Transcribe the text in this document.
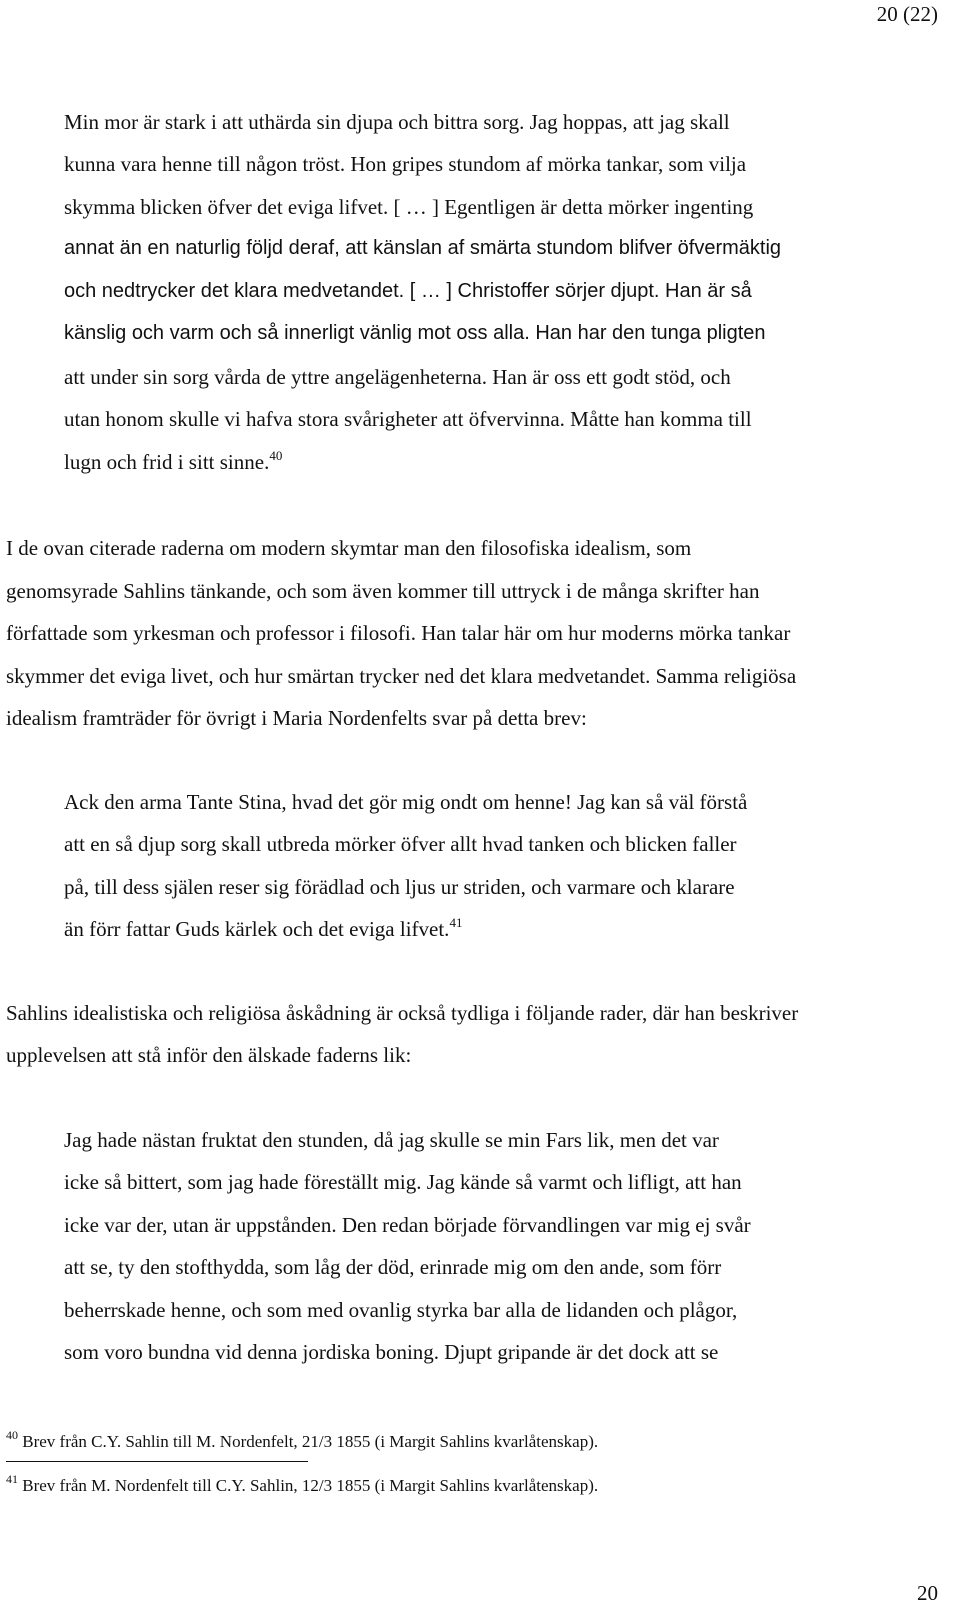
20 (22)

Min mor är stark i att uthärda sin djupa och bittra sorg. Jag hoppas, att jag skall

kunna vara henne till någon tröst. Hon gripes stundom af mörka tankar, som vilja

skymma blicken öfver det eviga lifvet. [ … ] Egentligen är detta mörker ingenting

annat än en naturlig följd deraf, att känslan af smärta stundom blifver öfvermäktig

och nedtrycker det klara medvetandet. [ … ] Christoffer sörjer djupt. Han är så

känslig och varm och så innerligt vänlig mot oss alla. Han har den tunga pligten

att under sin sorg vårda de yttre angelägenheterna. Han är oss ett godt stöd, och

utan honom skulle vi hafva stora svårigheter att öfvervinna. Måtte han komma till

lugn och frid i sitt sinne.$^{40}$

I de ovan citerade raderna om modern skymtar man den filosofiska idealism, som

genomsyrade Sahlins tänkande, och som även kommer till uttryck i de många skrifter han

författade som yrkesman och professor i filosofi. Han talar här om hur moderns mörka tankar

skymmer det eviga livet, och hur smärtan trycker ned det klara medvetandet. Samma religiösa

idealism framträder för övrigt i Maria Nordenfelts svar på detta brev:

Ack den arma Tante Stina, hvad det gör mig ondt om henne! Jag kan så väl förstå

att en så djup sorg skall utbreda mörker öfver allt hvad tanken och blicken faller

på, till dess själen reser sig förädlad och ljus ur striden, och varmare och klarare

än förr fattar Guds kärlek och det eviga lifvet.$^{41}$

Sahlins idealistiska och religiösa åskådning är också tydliga i följande rader, där han beskriver

upplevelsen att stå inför den älskade faderns lik:

Jag hade nästan fruktat den stunden, då jag skulle se min Fars lik, men det var

icke så bittert, som jag hade föreställt mig. Jag kände så varmt och lifligt, att han

icke var der, utan är uppstånden. Den redan började förvandlingen var mig ej svår

att se, ty den stofthydda, som låg der död, erinrade mig om den ande, som förr

beherrskade henne, och som med ovanlig styrka bar alla de lidanden och plågor,

som voro bundna vid denna jordiska boning. Djupt gripande är det dock att se

$^{40}$ Brev från C.Y. Sahlin till M. Nordenfelt, 21/3 1855 (i Margit Sahlins kvarlåtenskap).

$^{41}$ Brev från M. Nordenfelt till C.Y. Sahlin, 12/3 1855 (i Margit Sahlins kvarlåtenskap).

20
